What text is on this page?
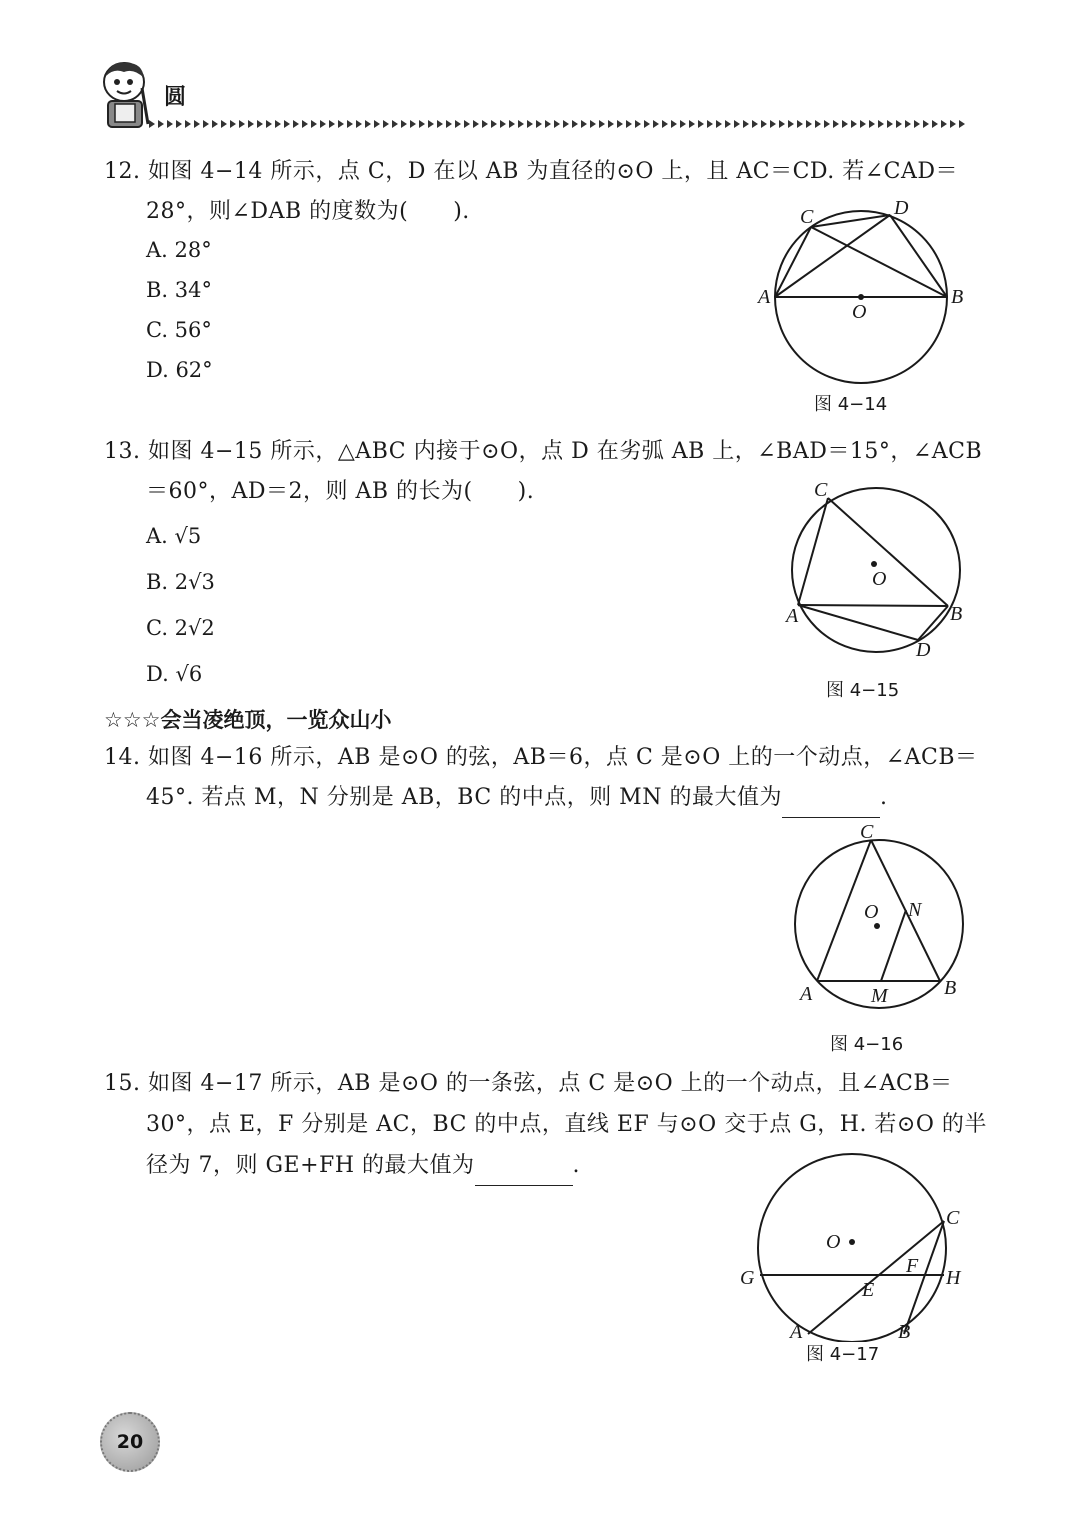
圆
12. 如图 4−14 所示，点 C，D 在以 AB 为直径的⊙O 上，且 AC＝CD. 若∠CAD＝
28°，则∠DAB 的度数为(　　).
A. 28°
B. 34°
C. 56°
D. 62°
C	D
A	B
O
图 4−14
13. 如图 4−15 所示，△ABC 内接于⊙O，点 D 在劣弧 AB 上，∠BAD＝15°，∠ACB
＝60°，AD＝2，则 AB 的长为(　　).
A. √5
B. 2√3
C. 2√2
D. √6
C
O
A	B
D
图 4−15
☆☆☆会当凌绝顶，一览众山小
14. 如图 4−16 所示，AB 是⊙O 的弦，AB＝6，点 C 是⊙O 上的一个动点，∠ACB＝
45°. 若点 M，N 分别是 AB，BC 的中点，则 MN 的最大值为	.
C
O N
A	M	B
图 4−16
15. 如图 4−17 所示，AB 是⊙O 的一条弦，点 C 是⊙O 上的一个动点，且∠ACB＝
30°，点 E，F 分别是 AC，BC 的中点，直线 EF 与⊙O 交于点 G，H. 若⊙O 的半
径为 7，则 GE+FH 的最大值为	.
O
C
F
G	H
E
A	B
图 4−17
20
